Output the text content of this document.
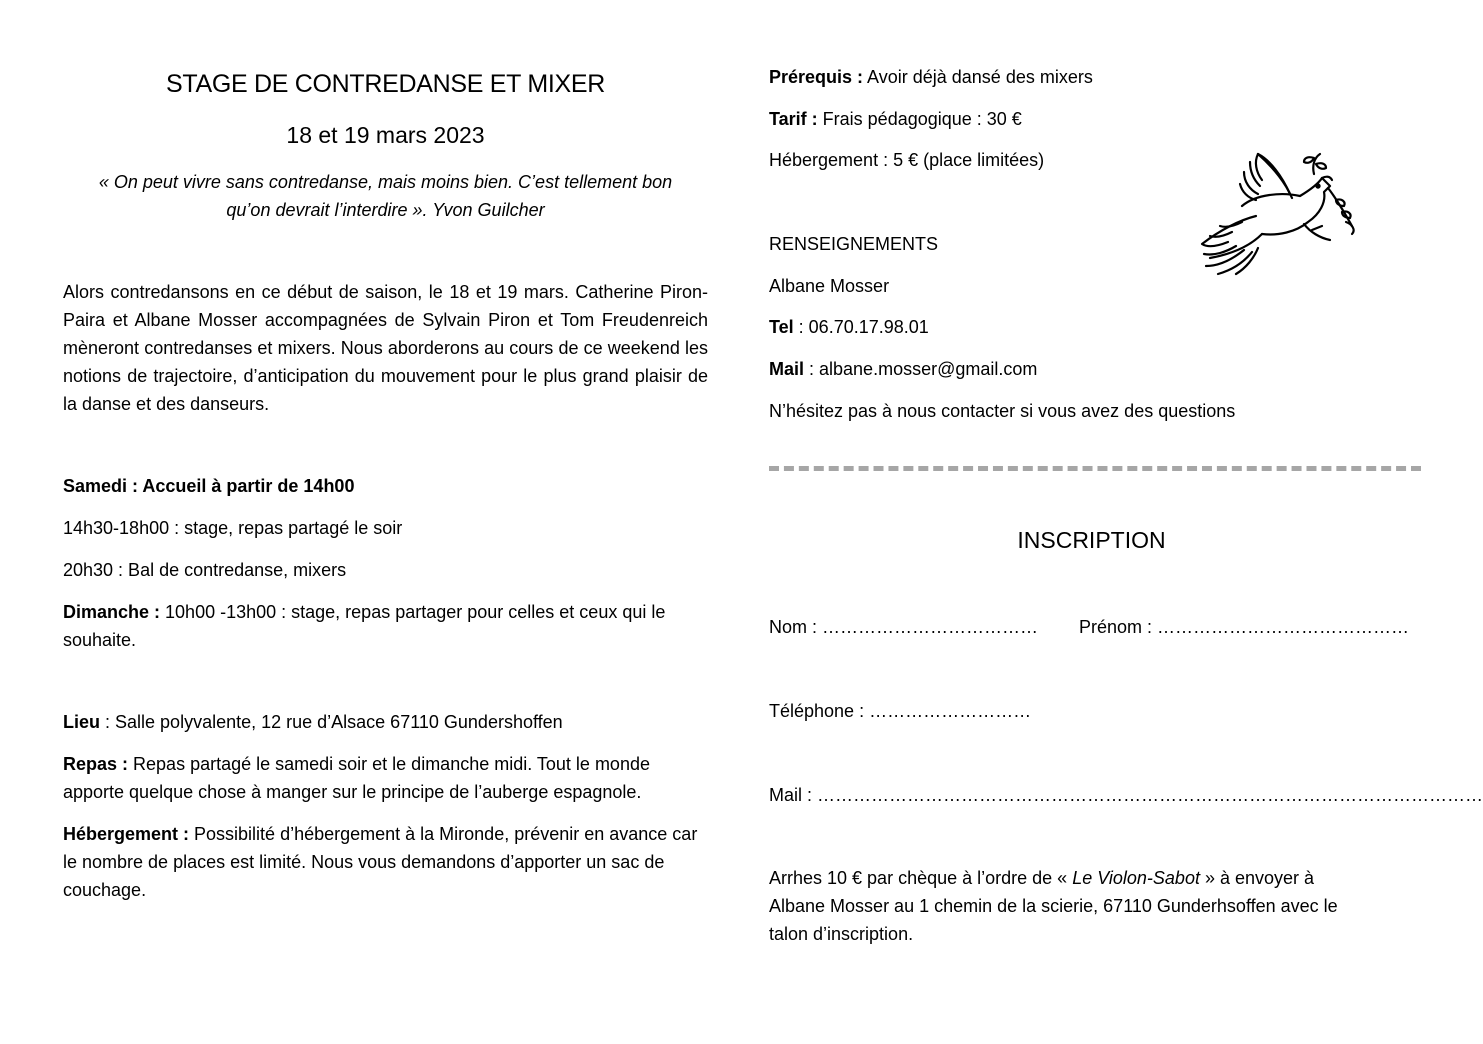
STAGE DE CONTREDANSE ET MIXER
18 et 19 mars 2023
« On peut vivre sans contredanse, mais moins bien. C’est tellement bon
qu’on devrait l’interdire ». Yvon Guilcher

Alors contredansons en ce début de saison, le 18 et 19 mars. Catherine Piron-Paira et Albane Mosser accompagnées de Sylvain Piron et Tom Freudenreich mèneront contredanses et mixers. Nous aborderons au cours de ce weekend les notions de trajectoire, d’anticipation du mouvement pour le plus grand plaisir de la danse et des danseurs.

Samedi : Accueil à partir de 14h00
14h30-18h00 : stage, repas partagé le soir
20h30 : Bal de contredanse, mixers

Dimanche : 10h00 -13h00 : stage, repas partager pour celles et ceux qui le souhaite.

Lieu : Salle polyvalente, 12 rue d’Alsace 67110 Gundershoffen

Repas : Repas partagé le samedi soir et le dimanche midi. Tout le monde apporte quelque chose à manger sur le principe de l’auberge espagnole.

Hébergement : Possibilité d’hébergement à la Mironde, prévenir en avance car le nombre de places est limité. Nous vous demandons d’apporter un sac de couchage.

Prérequis : Avoir déjà dansé des mixers
Tarif : Frais pédagogique : 30 €
Hébergement : 5 € (place limitées)
RENSEIGNEMENTS
Albane Mosser
Tel : 06.70.17.98.01
Mail : albane.mosser@gmail.com
N’hésitez pas à nous contacter si vous avez des questions
INSCRIPTION
Nom : ……………………………… Prénom : ……………………………………
Téléphone : ………………………
Mail : …………………………………………………………………………………………………

Arrhes 10 € par chèque à l’ordre de « Le Violon-Sabot » à envoyer à Albane Mosser au 1 chemin de la scierie, 67110 Gunderhsoffen avec le talon d’inscription.
